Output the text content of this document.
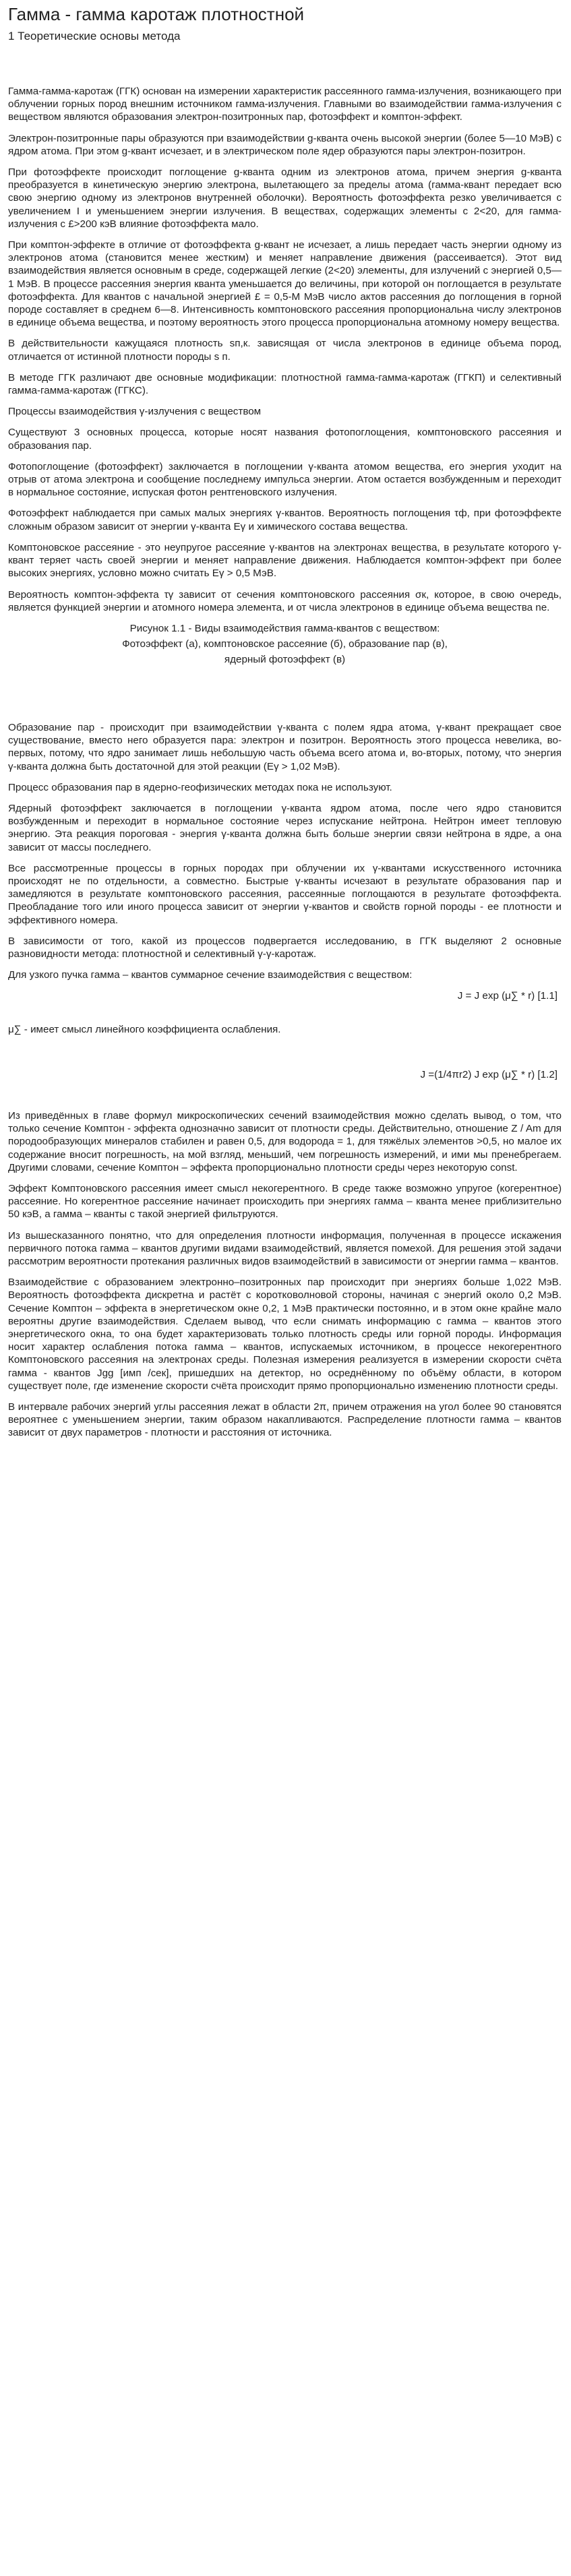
Гамма - гамма каротаж плотностной
1 Теоретические основы метода

Гамма-гамма-каротаж (ГГК) основан на измерении характеристик рассеянного гамма-излучения, возникающего при облучении горных пород внешним источником гамма-излучения. Главными во взаимодействии гамма-излучения с веществом являются образования электрон-позитронных пар, фотоэффект и комптон-эффект.

Электрон-позитронные пары образуются при взаимодействии g-кванта очень высокой энергии (более 5—10 МэВ) с ядром атома. При этом g-квант исчезает, и в электрическом поле ядер образуются пары электрон-позитрон.

При фотоэффекте происходит поглощение g-кванта одним из электронов атома, причем энергия g-кванта преобразуется в кинетическую энергию электрона, вылетающего за пределы атома (гамма-квант передает всю свою энергию одному из электронов внутренней оболочки). Вероятность фотоэффекта резко увеличивается с увеличением I и уменьшением энергии излучения. В веществах, содержащих элементы с 2<20, для гамма-излучения с £>200 кэВ влияние фотоэффекта мало.

При комптон-эффекте в отличие от фотоэффекта g-квант не исчезает, а лишь передает часть энергии одному из электронов атома (становится менее жестким) и меняет направление движения (рассеивается). Этот вид взаимодействия является основным в среде, содержащей легкие (2<20) элементы, для излучений с энергией 0,5—1 МэВ. В процессе рассеяния энергия кванта уменьшается до величины, при которой он поглощается в результате фотоэффекта. Для квантов с начальной энергией £ = 0,5-М МэВ число актов рассеяния до поглощения в горной породе составляет в среднем 6—8. Интенсивность комптоновского рассеяния пропорциональна числу электронов в единице объема вещества, и поэтому вероятность этого процесса пропорциональна атомному номеру вещества.

В действительности кажущаяся плотность sп,к. зависящая от числа электронов в единице объема пород, отличается от истинной плотности породы s п.

В методе ГГК различают две основные модификации: плотностной гамма-гамма-каротаж (ГГКП) и селективный гамма-гамма-каротаж (ГГКС).

Процессы взаимодействия γ-излучения с веществом

Существуют 3 основных процесса, которые носят названия фотопоглощения, комптоновского рассеяния и образования пар.

Фотопоглощение (фотоэффект) заключается в поглощении γ-кванта атомом вещества, его энергия уходит на отрыв от атома электрона и сообщение последнему импульса энергии. Атом остается возбужденным и переходит в нормальное состояние, испуская фотон рентгеновского излучения.

Фотоэффект наблюдается при самых малых энергиях γ-квантов. Вероятность поглощения τф, при фотоэффекте сложным образом зависит от энергии γ-кванта Eγ и химического состава вещества.

Комптоновское рассеяние - это неупругое рассеяние γ-квантов на электронах вещества, в результате которого γ-квант теряет часть своей энергии и меняет направление движения. Наблюдается комптон-эффект при более высоких энергиях, условно можно считать Eγ > 0,5 МэВ.

Вероятность комптон-эффекта τγ зависит от сечения комптоновского рассеяния σк, которое, в свою очередь, является функцией энергии и атомного номера элемента, и от числа электронов в единице объема вещества nе.

Рисунок 1.1 - Виды взаимодействия гамма-квантов с веществом:

Фотоэффект (а), комптоновское рассеяние (б), образование пар (в),

ядерный фотоэффект (в)

Образование пар - происходит при взаимодействии γ-кванта с полем ядра атома, γ-квант прекращает свое существование, вместо него образуется пара: электрон и позитрон. Вероятность этого процесса невелика, во-первых, потому, что ядро занимает лишь небольшую часть объема всего атома и, во-вторых, потому, что энергия γ-кванта должна быть достаточной для этой реакции (Eγ > 1,02 МэВ).

Процесс образования пар в ядерно-геофизических методах пока не используют.

Ядерный фотоэффект заключается в поглощении γ-кванта ядром атома, после чего ядро становится возбужденным и переходит в нормальное состояние через испускание нейтрона. Нейтрон имеет тепловую энергию. Эта реакция пороговая - энергия γ-кванта должна быть больше энергии связи нейтрона в ядре, а она зависит от массы последнего.

Все рассмотренные процессы в горных породах при облучении их γ-квантами искусственного источника происходят не по отдельности, а совместно. Быстрые γ-кванты исчезают в результате образования пар и замедляются в результате комптоновского рассеяния, рассеянные поглощаются в результате фотоэффекта. Преобладание того или иного процесса зависит от энергии γ-квантов и свойств горной породы - ее плотности и эффективного номера.

В зависимости от того, какой из процессов подвергается исследованию, в ГГК выделяют 2 основные разновидности метода: плотностной и селективный γ-γ-каротаж.

Для узкого пучка гамма – квантов суммарное сечение взаимодействия с веществом:

J = J exp (μ∑ * r) [1.1]

μ∑ - имеет смысл линейного коэффициента ослабления.

J =(1/4πr2) J exp (μ∑ * r) [1.2]

Из приведённых в главе формул микроскопических сечений взаимодействия можно сделать вывод, о том, что только сечение Комптон - эффекта однозначно зависит от плотности среды. Действительно, отношение Z / Am для породообразующих минералов стабилен и равен 0,5, для водорода = 1, для тяжёлых элементов >0,5, но малое их содержание вносит погрешность, на мой взгляд, меньший, чем погрешность измерений, и ими мы пренебрегаем. Другими словами, сечение Комптон – эффекта пропорционально плотности среды через некоторую const.

Эффект Комптоновского рассеяния имеет смысл некогерентного. В среде также возможно упругое (когерентное) рассеяние. Но когерентное рассеяние начинает происходить при энергиях гамма – кванта менее приблизительно 50 кэВ, а гамма – кванты с такой энергией фильтруются.

Из вышесказанного понятно, что для определения плотности информация, полученная в процессе искажения первичного потока гамма – квантов другими видами взаимодействий, является помехой. Для решения этой задачи рассмотрим вероятности протекания различных видов взаимодействий в зависимости от энергии гамма – квантов.

Взаимодействие с образованием электронно–позитронных пар происходит при энергиях больше 1,022 МэВ. Вероятность фотоэффекта дискретна и растёт с коротковолновой стороны, начиная с энергий около 0,2 МэВ. Сечение Комптон – эффекта в энергетическом окне 0,2, 1 МэВ практически постоянно, и в этом окне крайне мало вероятны другие взаимодействия. Сделаем вывод, что если снимать информацию с гамма – квантов этого энергетического окна, то она будет характеризовать только плотность среды или горной породы. Информация носит характер ослабления потока гамма – квантов, испускаемых источником, в процессе некогерентного Комптоновского рассеяния на электронах среды. Полезная измерения реализуется в измерении скорости счёта гамма - квантов Jgg [имп /сек], пришедших на детектор, но осреднённому по объёму области, в котором существует поле, где изменение скорости счёта происходит прямо пропорционально изменению плотности среды.

В интервале рабочих энергий углы рассеяния лежат в области 2π, причем отражения на угол более 90 становятся вероятнее с уменьшением энергии, таким образом накапливаются. Распределение плотности гамма – квантов зависит от двух параметров - плотности и расстояния от источника.
